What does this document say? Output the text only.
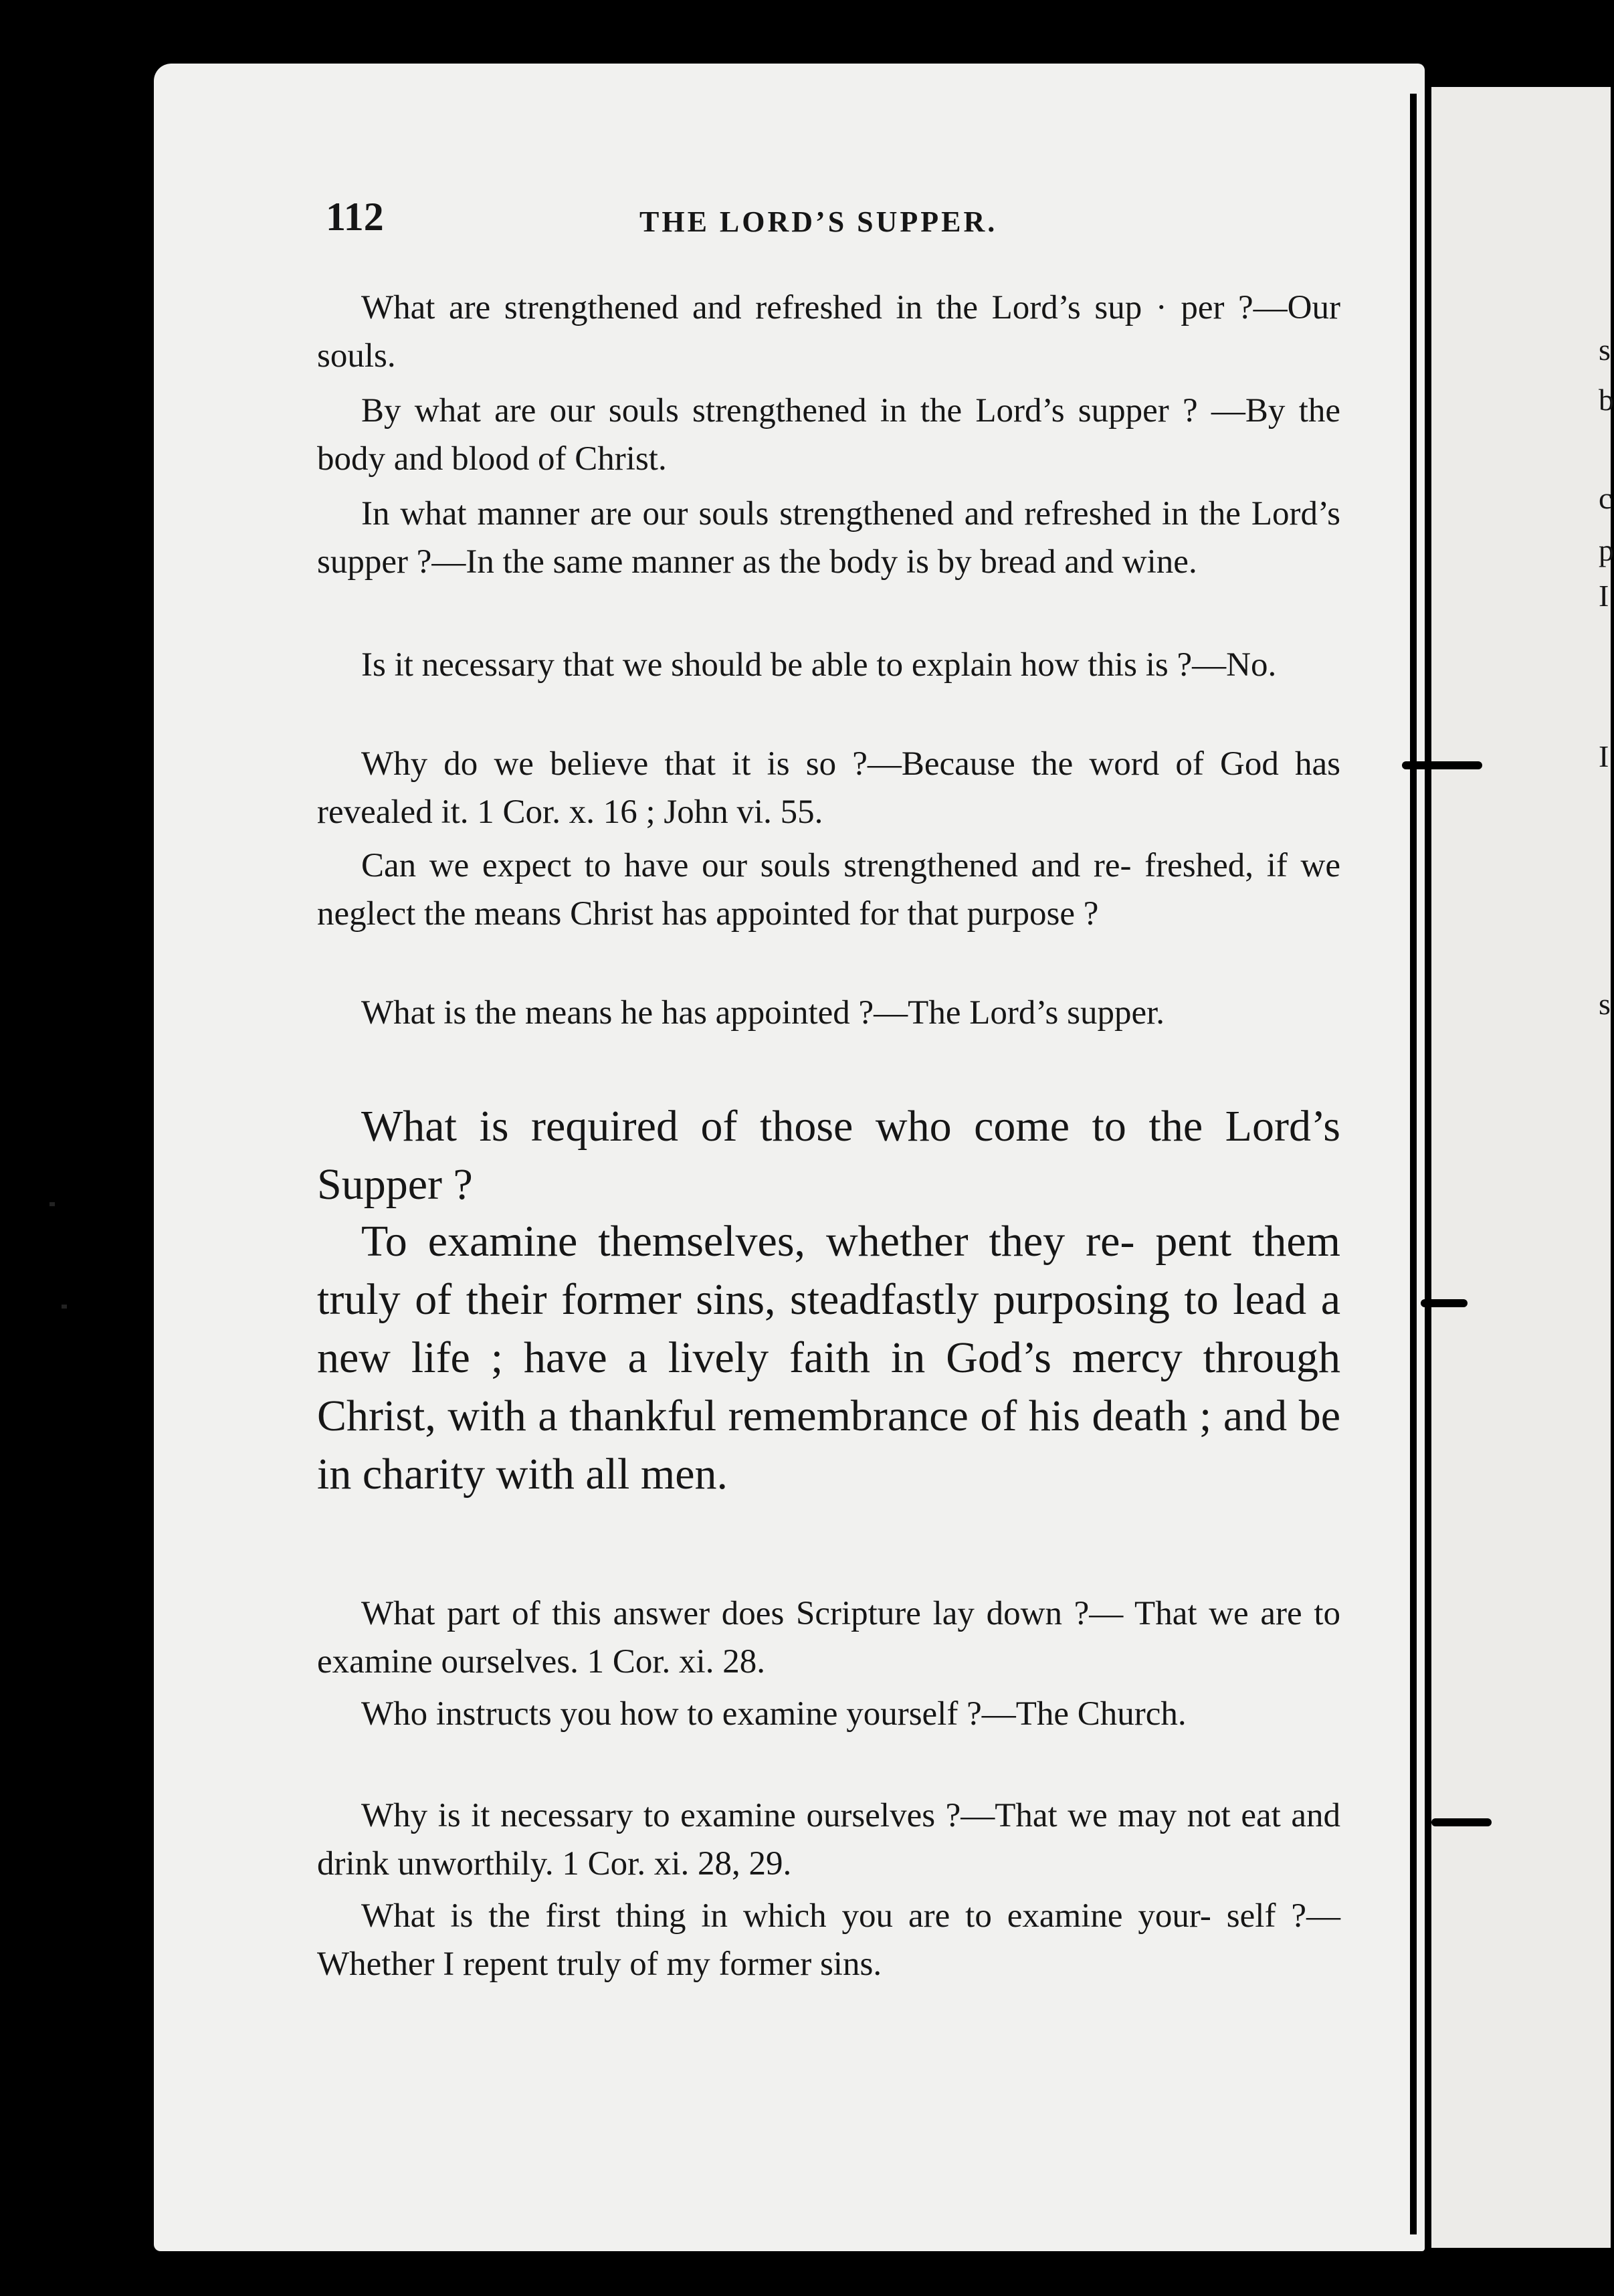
s
b
c
p
I
I
s

112	THE LORD’S SUPPER.

What are strengthened and refreshed in the Lord’s sup · per ?—Our souls.

By what are our souls strengthened in the Lord’s supper ? —By the body and blood of Christ.

In what manner are our souls strengthened and refreshed in the Lord’s supper ?—In the same manner as the body is by bread and wine.

Is it necessary that we should be able to explain how this is ?—No.

Why do we believe that it is so ?—Because the word of God has revealed it. 1 Cor. x. 16 ; John vi. 55.

Can we expect to have our souls strengthened and re- freshed, if we neglect the means Christ has appointed for that purpose ?

What is the means he has appointed ?—The Lord’s supper.

What is required of those who come to the Lord’s Supper ?

To examine themselves, whether they re- pent them truly of their former sins, steadfastly purposing to lead a new life ; have a lively faith in God’s mercy through Christ, with a thankful remembrance of his death ; and be in charity with all men.

What part of this answer does Scripture lay down ?— That we are to examine ourselves. 1 Cor. xi. 28.

Who instructs you how to examine yourself ?—The Church.

Why is it necessary to examine ourselves ?—That we may not eat and drink unworthily. 1 Cor. xi. 28, 29.

What is the first thing in which you are to examine your- self ?—Whether I repent truly of my former sins.
